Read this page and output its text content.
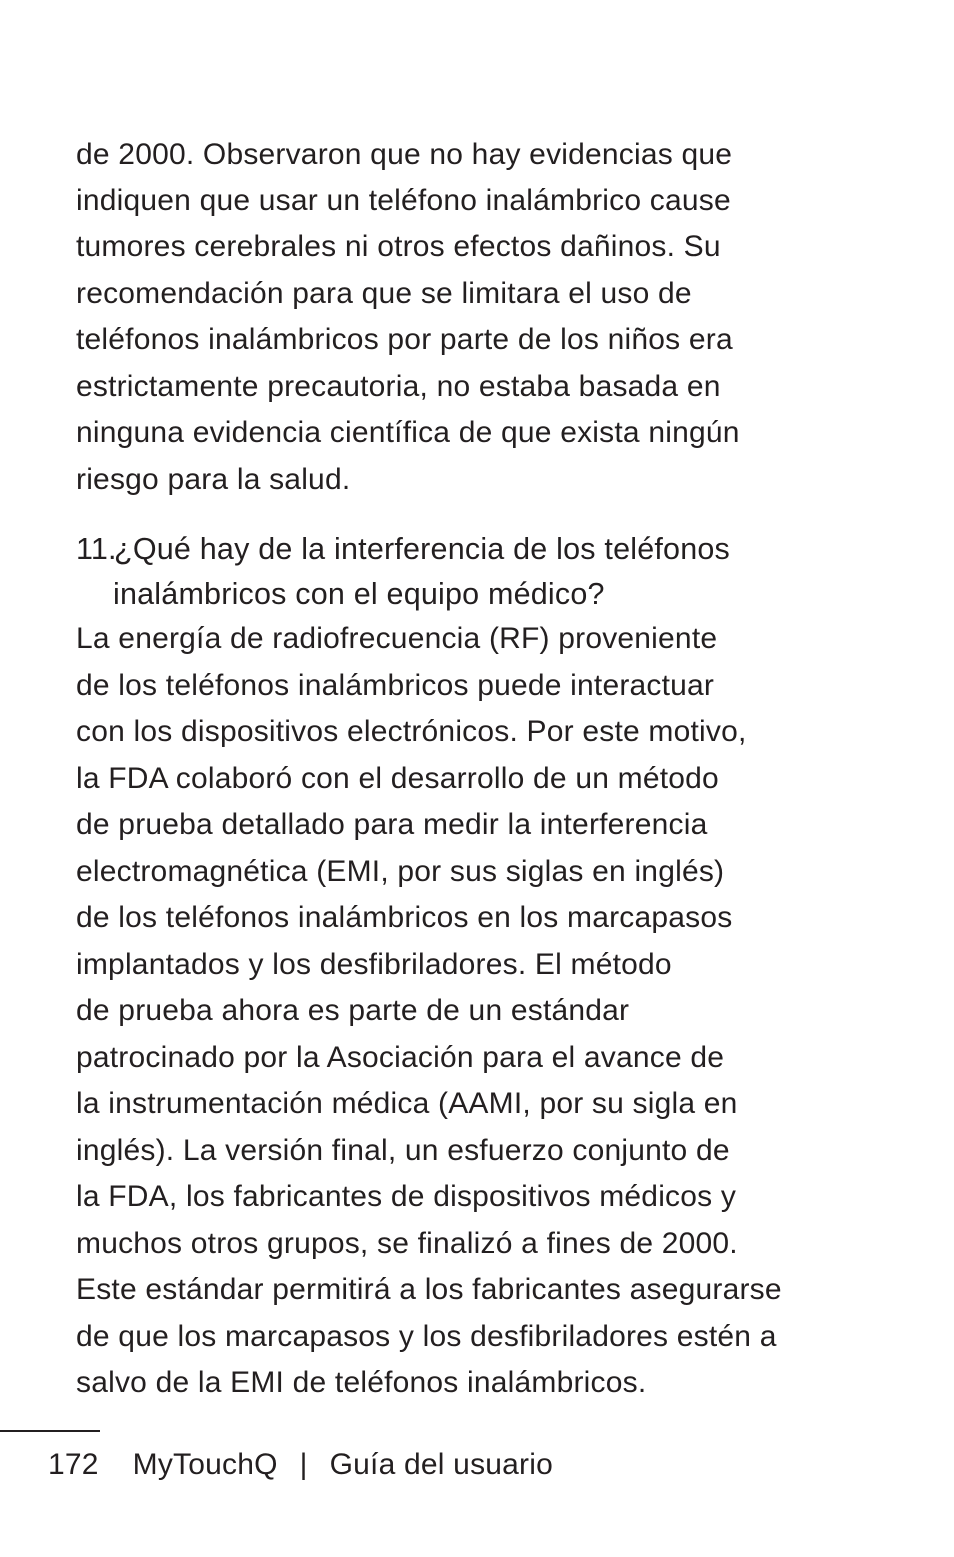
de 2000. Observaron que no hay evidencias que
indiquen que usar un teléfono inalámbrico cause
tumores cerebrales ni otros efectos dañinos. Su
recomendación para que se limitara el uso de
teléfonos inalámbricos por parte de los niños era
estrictamente precautoria, no estaba basada en
ninguna evidencia científica de que exista ningún
riesgo para la salud.
11.¿Qué hay de la interferencia de los teléfonos
inalámbricos con el equipo médico?
La energía de radiofrecuencia (RF) proveniente
de los teléfonos inalámbricos puede interactuar
con los dispositivos electrónicos. Por este motivo,
la FDA colaboró con el desarrollo de un método
de prueba detallado para medir la interferencia
electromagnética (EMI, por sus siglas en inglés)
de los teléfonos inalámbricos en los marcapasos
implantados y los desfibriladores. El método
de prueba ahora es parte de un estándar
patrocinado por la Asociación para el avance de
la instrumentación médica (AAMI, por su sigla en
inglés). La versión final, un esfuerzo conjunto de
la FDA, los fabricantes de dispositivos médicos y
muchos otros grupos, se finalizó a fines de 2000.
Este estándar permitirá a los fabricantes asegurarse
de que los marcapasos y los desfibriladores estén a
salvo de la EMI de teléfonos inalámbricos.
172 MyTouchQ | Guía del usuario
